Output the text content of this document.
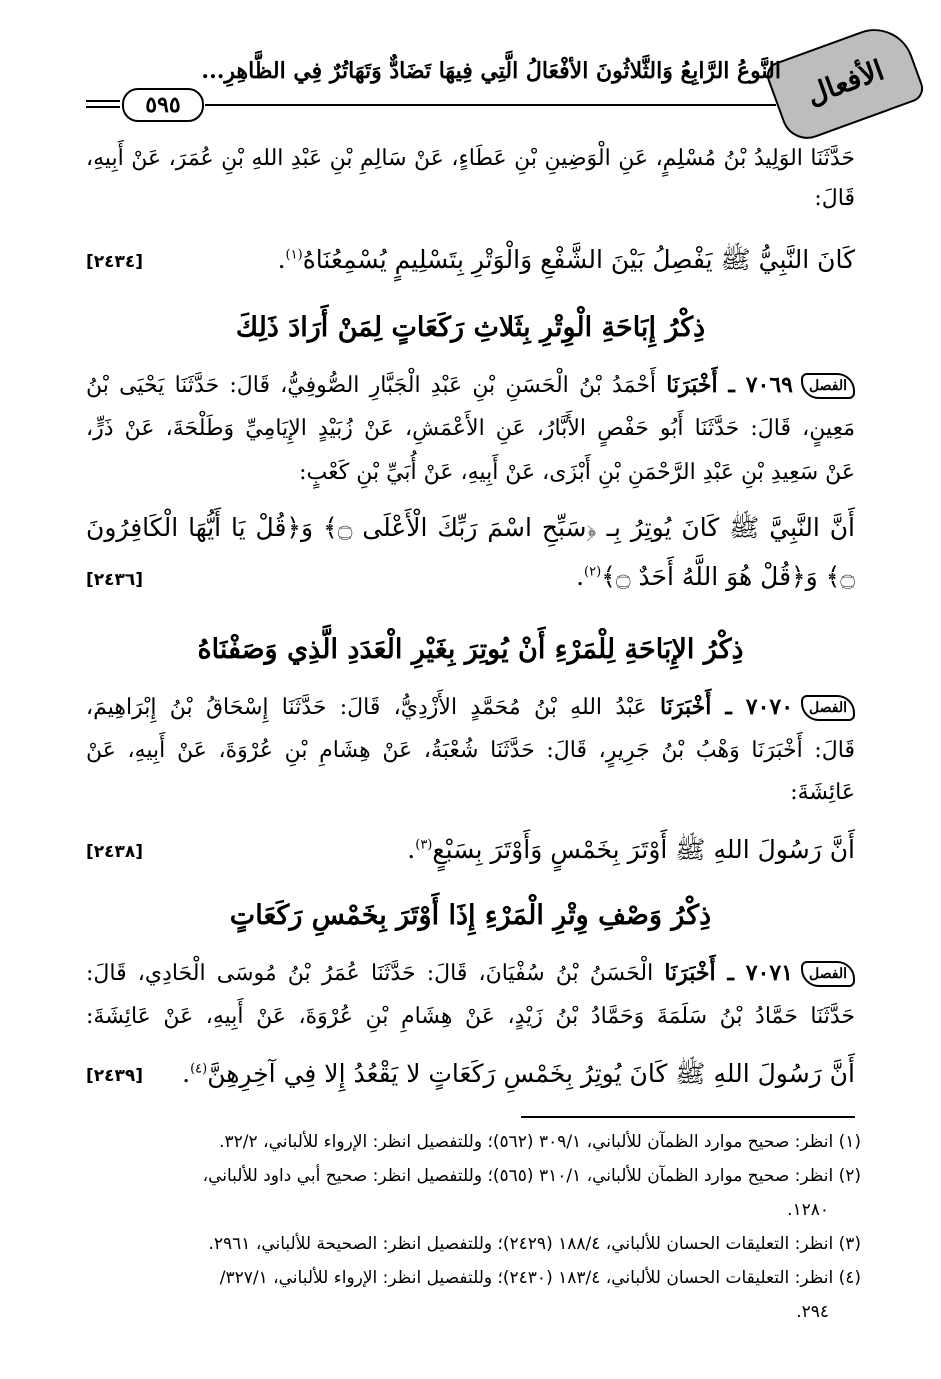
الأفعال
النَّوعُ الرَّابِعُ وَالثَّلاثُونَ الأفْعَالُ الَّتِي فِيهَا تَضَادٌّ وَتَهَاتُرٌ فِي الظَّاهِرِ...
٥٩٥
حَدَّثَنَا الوَلِيدُ بْنُ مُسْلِمٍ، عَنِ الْوَضِينِ بْنِ عَطَاءٍ، عَنْ سَالِمِ بْنِ عَبْدِ اللهِ بْنِ عُمَرَ، عَنْ أَبِيهِ،
قَالَ:
كَانَ النَّبِيُّ ﷺ يَفْصِلُ بَيْنَ الشَّفْعِ وَالْوَتْرِ بِتَسْلِيمٍ يُسْمِعُنَاهُ$^{(١)}$.
[٢٤٣٤]
ذِكْرُ إِبَاحَةِ الْوِتْرِ بِثَلاثِ رَكَعَاتٍ لِمَنْ أَرَادَ ذَلِكَ
الفصل٧٠٦٩ ـ أَخْبَرَنَا أَحْمَدُ بْنُ الْحَسَنِ بْنِ عَبْدِ الْجَبَّارِ الصُّوفِيُّ، قَالَ: حَدَّثَنَا يَحْيَى بْنُ
مَعِينٍ، قَالَ: حَدَّثَنَا أَبُو حَفْصٍ الأَبَّارُ، عَنِ الأَعْمَشِ، عَنْ زُبَيْدٍ الإِيَامِيِّ وَطَلْحَةَ، عَنْ ذَرٍّ،
عَنْ سَعِيدِ بْنِ عَبْدِ الرَّحْمَنِ بْنِ أَبْزَى، عَنْ أَبِيهِ، عَنْ أُبَيِّ بْنِ كَعْبٍ:
أَنَّ النَّبِيَّ ﷺ كَانَ يُوتِرُ بِـ ﴿سَبِّحِ اسْمَ رَبِّكَ الْأَعْلَى ۝﴾ وَ﴿قُلْ يَا أَيُّهَا الْكَافِرُونَ
۝﴾ وَ﴿قُلْ هُوَ اللَّهُ أَحَدٌ ۝﴾$^{(٢)}$.
[٢٤٣٦]
ذِكْرُ الإِبَاحَةِ لِلْمَرْءِ أَنْ يُوتِرَ بِغَيْرِ الْعَدَدِ الَّذِي وَصَفْنَاهُ
الفصل٧٠٧٠ ـ أَخْبَرَنَا عَبْدُ اللهِ بْنُ مُحَمَّدٍ الأَزْدِيُّ، قَالَ: حَدَّثَنَا إِسْحَاقُ بْنُ إِبْرَاهِيمَ،
قَالَ: أَخْبَرَنَا وَهْبُ بْنُ جَرِيرٍ، قَالَ: حَدَّثَنَا شُعْبَةُ، عَنْ هِشَامِ بْنِ عُرْوَةَ، عَنْ أَبِيهِ، عَنْ
عَائِشَةَ:
أَنَّ رَسُولَ اللهِ ﷺ أَوْتَرَ بِخَمْسٍ وَأَوْتَرَ بِسَبْعٍ$^{(٣)}$.
[٢٤٣٨]
ذِكْرُ وَصْفِ وِتْرِ الْمَرْءِ إِذَا أَوْتَرَ بِخَمْسِ رَكَعَاتٍ
الفصل٧٠٧١ ـ أَخْبَرَنَا الْحَسَنُ بْنُ سُفْيَانَ، قَالَ: حَدَّثَنَا عُمَرُ بْنُ مُوسَى الْحَادِي، قَالَ:
حَدَّثَنَا حَمَّادُ بْنُ سَلَمَةَ وَحَمَّادُ بْنُ زَيْدٍ، عَنْ هِشَامِ بْنِ عُرْوَةَ، عَنْ أَبِيهِ، عَنْ عَائِشَةَ:
أَنَّ رَسُولَ اللهِ ﷺ كَانَ يُوتِرُ بِخَمْسِ رَكَعَاتٍ لا يَقْعُدُ إِلا فِي آخِرِهِنَّ$^{(٤)}$.
[٢٤٣٩]
(١) انظر: صحيح موارد الظمآن للألباني، ٣٠٩/١ (٥٦٢)؛ وللتفصيل انظر: الإرواء للألباني، ٣٢/٢.
(٢) انظر: صحيح موارد الظمآن للألباني، ٣١٠/١ (٥٦٥)؛ وللتفصيل انظر: صحيح أبي داود للألباني،
١٢٨٠.
(٣) انظر: التعليقات الحسان للألباني، ١٨٨/٤ (٢٤٢٩)؛ وللتفصيل انظر: الصحيحة للألباني، ٢٩٦١.
(٤) انظر: التعليقات الحسان للألباني، ١٨٣/٤ (٢٤٣٠)؛ وللتفصيل انظر: الإرواء للألباني، ٣٢٧/١/
٢٩٤.
